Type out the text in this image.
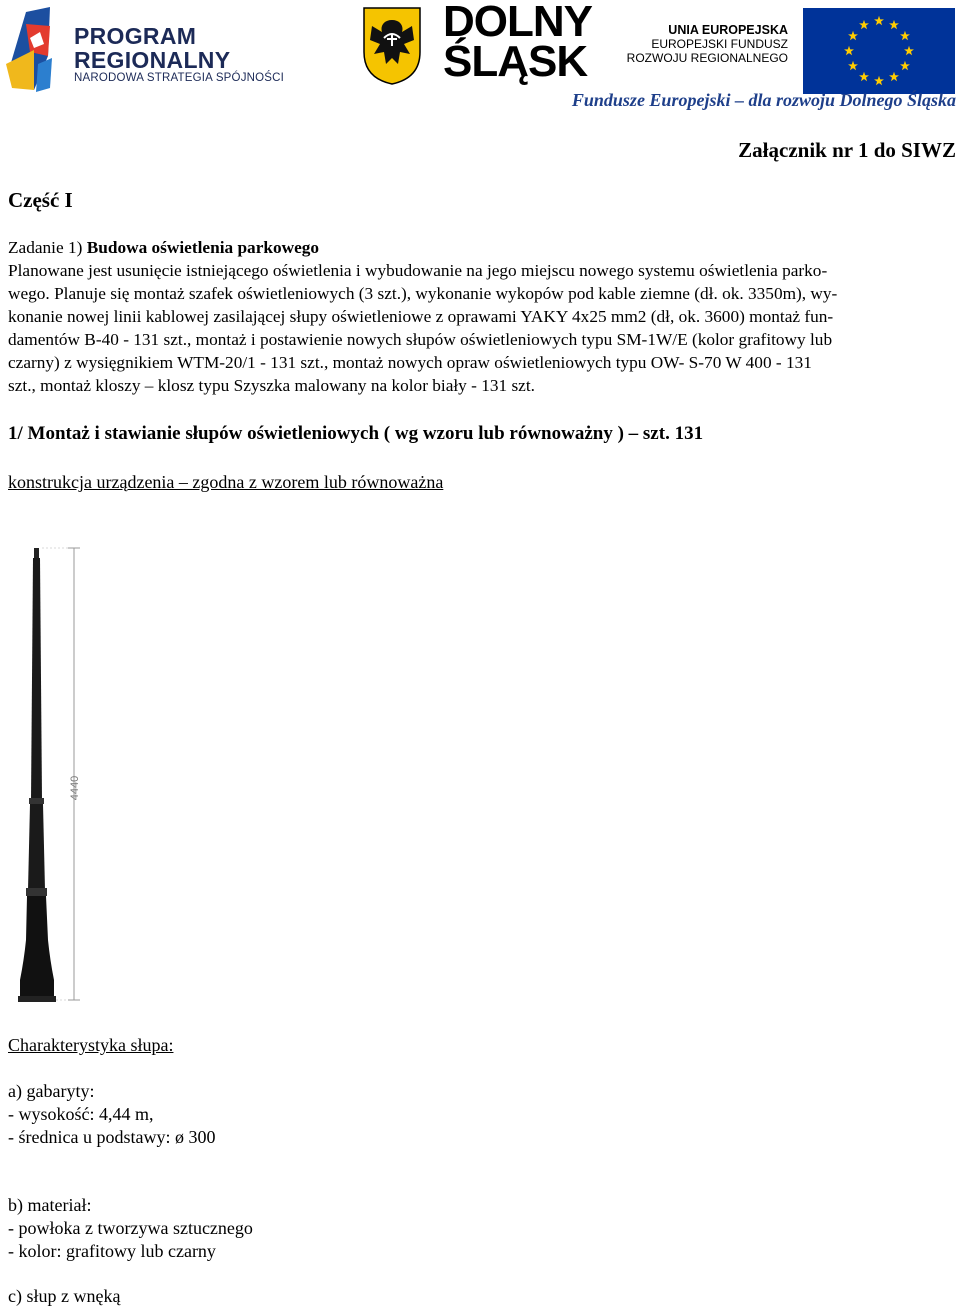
PROGRAM
REGIONALNY
NARODOWA STRATEGIA SPÓJNOŚCI
DOLNY
ŚLĄSK
UNIA EUROPEJSKA
EUROPEJSKI FUNDUSZ
ROZWOJU REGIONALNEGO
Fundusze Europejski – dla rozwoju Dolnego Śląska
Załącznik nr 1 do SIWZ
Część I

Zadanie 1) Budowa oświetlenia parkowego

Planowane jest usunięcie istniejącego oświetlenia i wybudowanie na jego miejscu nowego systemu oświetlenia parko-

wego. Planuje się montaż szafek oświetleniowych (3 szt.), wykonanie wykopów pod kable ziemne (dł. ok. 3350m), wy-

konanie nowej linii kablowej zasilającej słupy oświetleniowe z oprawami YAKY 4x25 mm2 (dł, ok. 3600) montaż fun-

damentów B-40 - 131 szt., montaż i postawienie nowych słupów oświetleniowych typu SM-1W/E (kolor grafitowy lub

czarny) z wysięgnikiem WTM-20/1 - 131 szt., montaż nowych opraw oświetleniowych typu OW- S-70 W 400 - 131

szt., montaż kloszy – klosz typu Szyszka malowany na kolor biały - 131 szt.

1/ Montaż i stawianie słupów oświetleniowych ( wg wzoru lub równoważny ) – szt. 131
konstrukcja urządzenia – zgodna z wzorem lub równoważna
4440
Charakterystyka słupa:
a) gabaryty:
- wysokość: 4,44 m,
- średnica u podstawy: ø 300
b) materiał:
- powłoka z tworzywa sztucznego
- kolor: grafitowy lub czarny
c) słup z wnęką
